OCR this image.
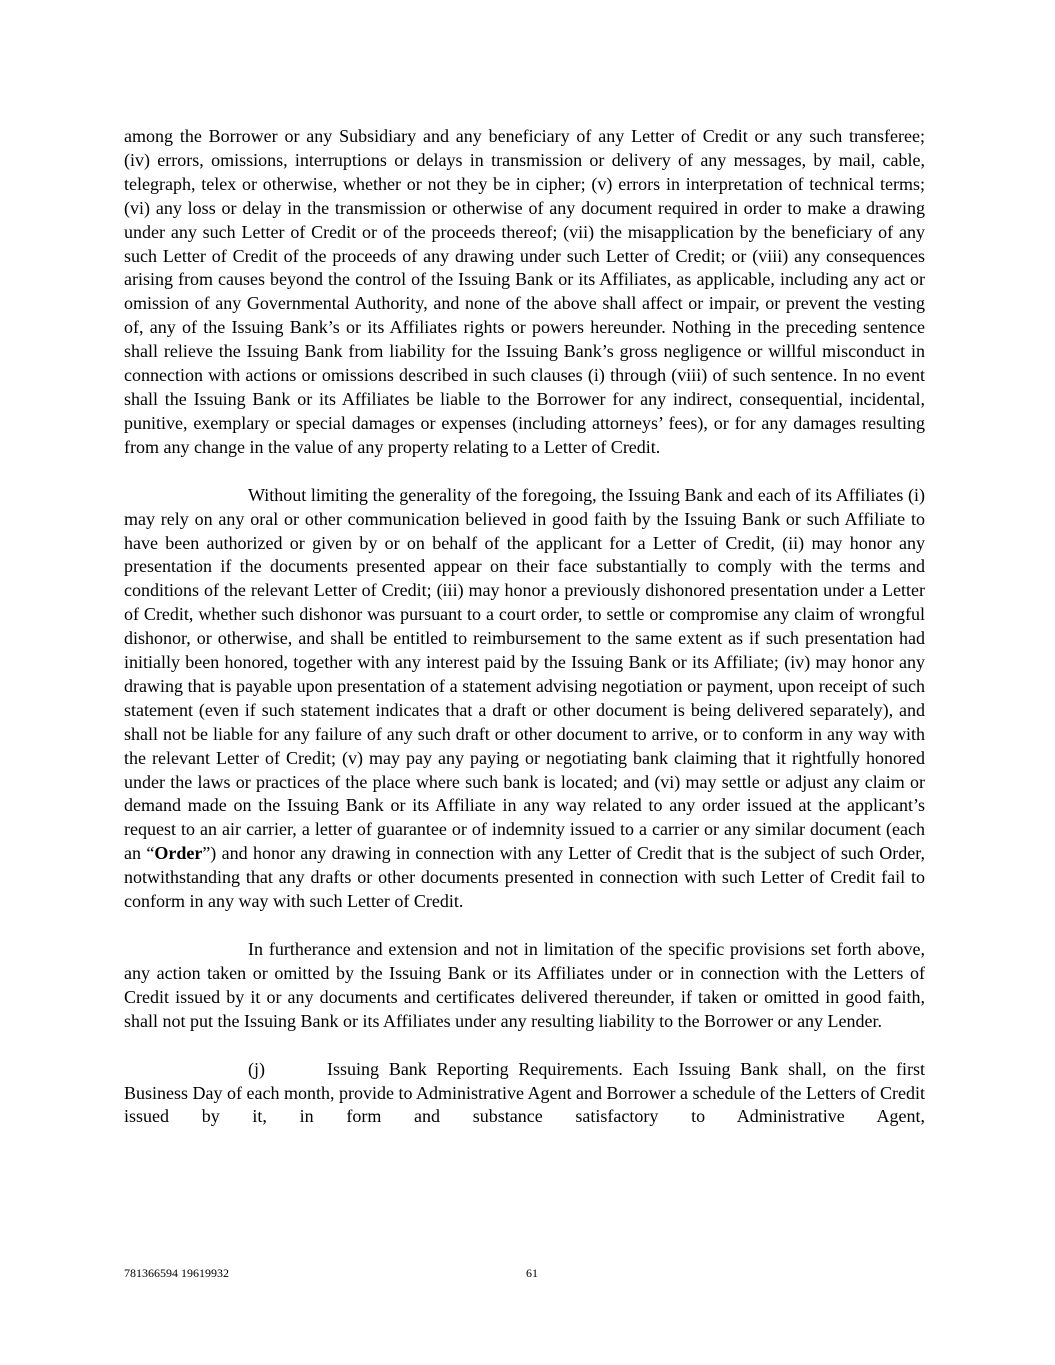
among the Borrower or any Subsidiary and any beneficiary of any Letter of Credit or any such transferee; (iv) errors, omissions, interruptions or delays in transmission or delivery of any messages, by mail, cable, telegraph, telex or otherwise, whether or not they be in cipher; (v) errors in interpretation of technical terms; (vi) any loss or delay in the transmission or otherwise of any document required in order to make a drawing under any such Letter of Credit or of the proceeds thereof; (vii) the misapplication by the beneficiary of any such Letter of Credit of the proceeds of any drawing under such Letter of Credit; or (viii) any consequences arising from causes beyond the control of the Issuing Bank or its Affiliates, as applicable, including any act or omission of any Governmental Authority, and none of the above shall affect or impair, or prevent the vesting of, any of the Issuing Bank’s or its Affiliates rights or powers hereunder. Nothing in the preceding sentence shall relieve the Issuing Bank from liability for the Issuing Bank’s gross negligence or willful misconduct in connection with actions or omissions described in such clauses (i) through (viii) of such sentence. In no event shall the Issuing Bank or its Affiliates be liable to the Borrower for any indirect, consequential, incidental, punitive, exemplary or special damages or expenses (including attorneys’ fees), or for any damages resulting from any change in the value of any property relating to a Letter of Credit.

Without limiting the generality of the foregoing, the Issuing Bank and each of its Affiliates (i) may rely on any oral or other communication believed in good faith by the Issuing Bank or such Affiliate to have been authorized or given by or on behalf of the applicant for a Letter of Credit, (ii) may honor any presentation if the documents presented appear on their face substantially to comply with the terms and conditions of the relevant Letter of Credit; (iii) may honor a previously dishonored presentation under a Letter of Credit, whether such dishonor was pursuant to a court order, to settle or compromise any claim of wrongful dishonor, or otherwise, and shall be entitled to reimbursement to the same extent as if such presentation had initially been honored, together with any interest paid by the Issuing Bank or its Affiliate; (iv) may honor any drawing that is payable upon presentation of a statement advising negotiation or payment, upon receipt of such statement (even if such statement indicates that a draft or other document is being delivered separately), and shall not be liable for any failure of any such draft or other document to arrive, or to conform in any way with the relevant Letter of Credit; (v) may pay any paying or negotiating bank claiming that it rightfully honored under the laws or practices of the place where such bank is located; and (vi) may settle or adjust any claim or demand made on the Issuing Bank or its Affiliate in any way related to any order issued at the applicant’s request to an air carrier, a letter of guarantee or of indemnity issued to a carrier or any similar document (each an “Order”) and honor any drawing in connection with any Letter of Credit that is the subject of such Order, notwithstanding that any drafts or other documents presented in connection with such Letter of Credit fail to conform in any way with such Letter of Credit.

In furtherance and extension and not in limitation of the specific provisions set forth above, any action taken or omitted by the Issuing Bank or its Affiliates under or in connection with the Letters of Credit issued by it or any documents and certificates delivered thereunder, if taken or omitted in good faith, shall not put the Issuing Bank or its Affiliates under any resulting liability to the Borrower or any Lender.

(j)	Issuing Bank Reporting Requirements. Each Issuing Bank shall, on the first Business Day of each month, provide to Administrative Agent and Borrower a schedule of the Letters of Credit issued by it, in form and substance satisfactory to Administrative Agent,

781366594 19619932	61
